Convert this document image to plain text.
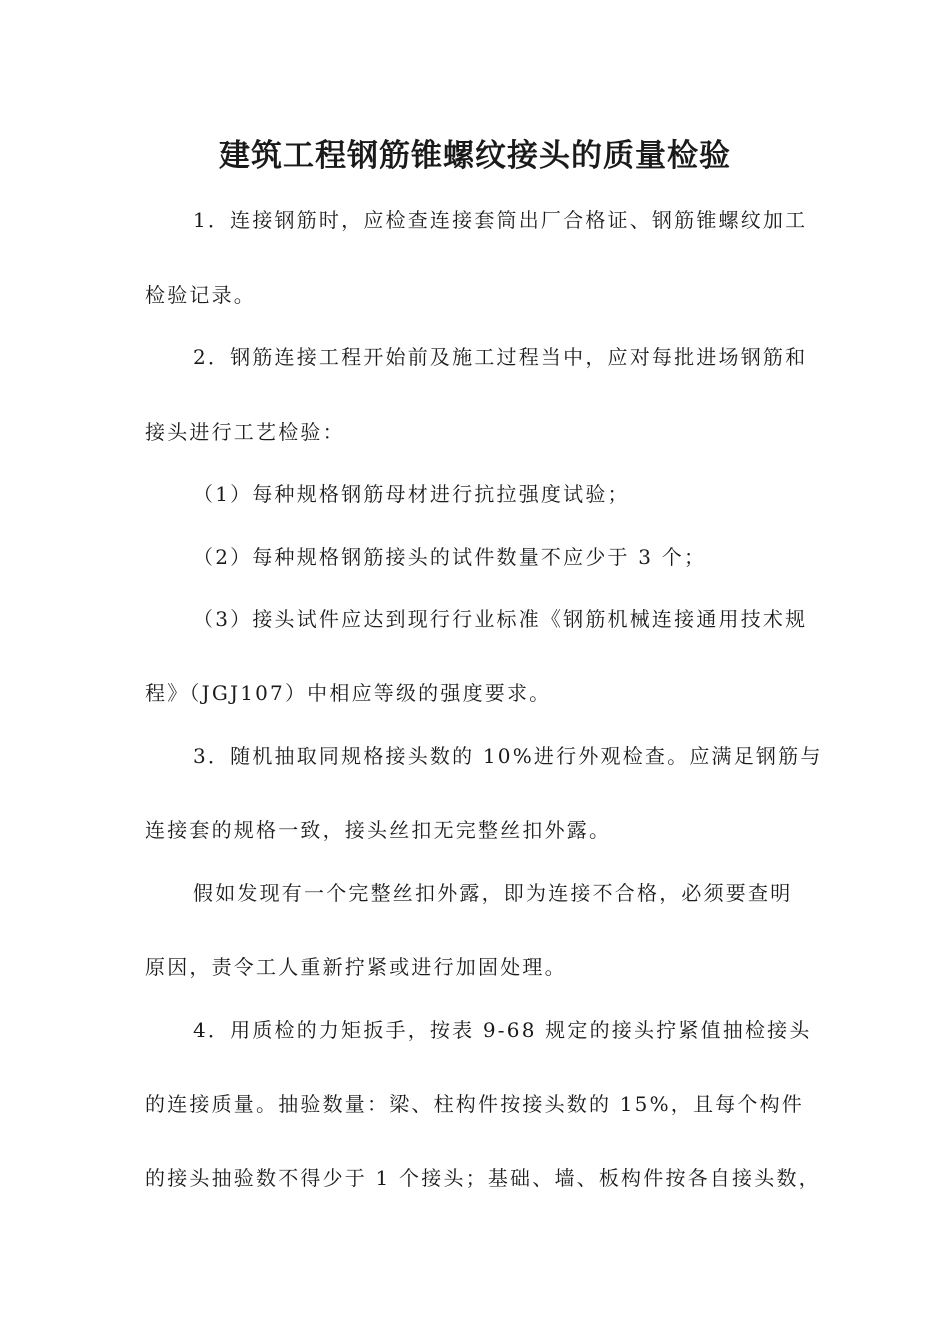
建筑工程钢筋锥螺纹接头的质量检验
1．连接钢筋时，应检查连接套筒出厂合格证、钢筋锥螺纹加工
检验记录。
2．钢筋连接工程开始前及施工过程当中，应对每批进场钢筋和
接头进行工艺检验：
（1）每种规格钢筋母材进行抗拉强度试验；
（2）每种规格钢筋接头的试件数量不应少于 3 个；
（3）接头试件应达到现行行业标准《钢筋机械连接通用技术规
程》（JGJ107）中相应等级的强度要求。
3．随机抽取同规格接头数的 10%进行外观检查。应满足钢筋与
连接套的规格一致，接头丝扣无完整丝扣外露。
假如发现有一个完整丝扣外露，即为连接不合格，必须要查明
原因，责令工人重新拧紧或进行加固处理。
4．用质检的力矩扳手，按表 9-68 规定的接头拧紧值抽检接头
的连接质量。抽验数量：梁、柱构件按接头数的 15%，且每个构件
的接头抽验数不得少于 1 个接头；基础、墙、板构件按各自接头数，
